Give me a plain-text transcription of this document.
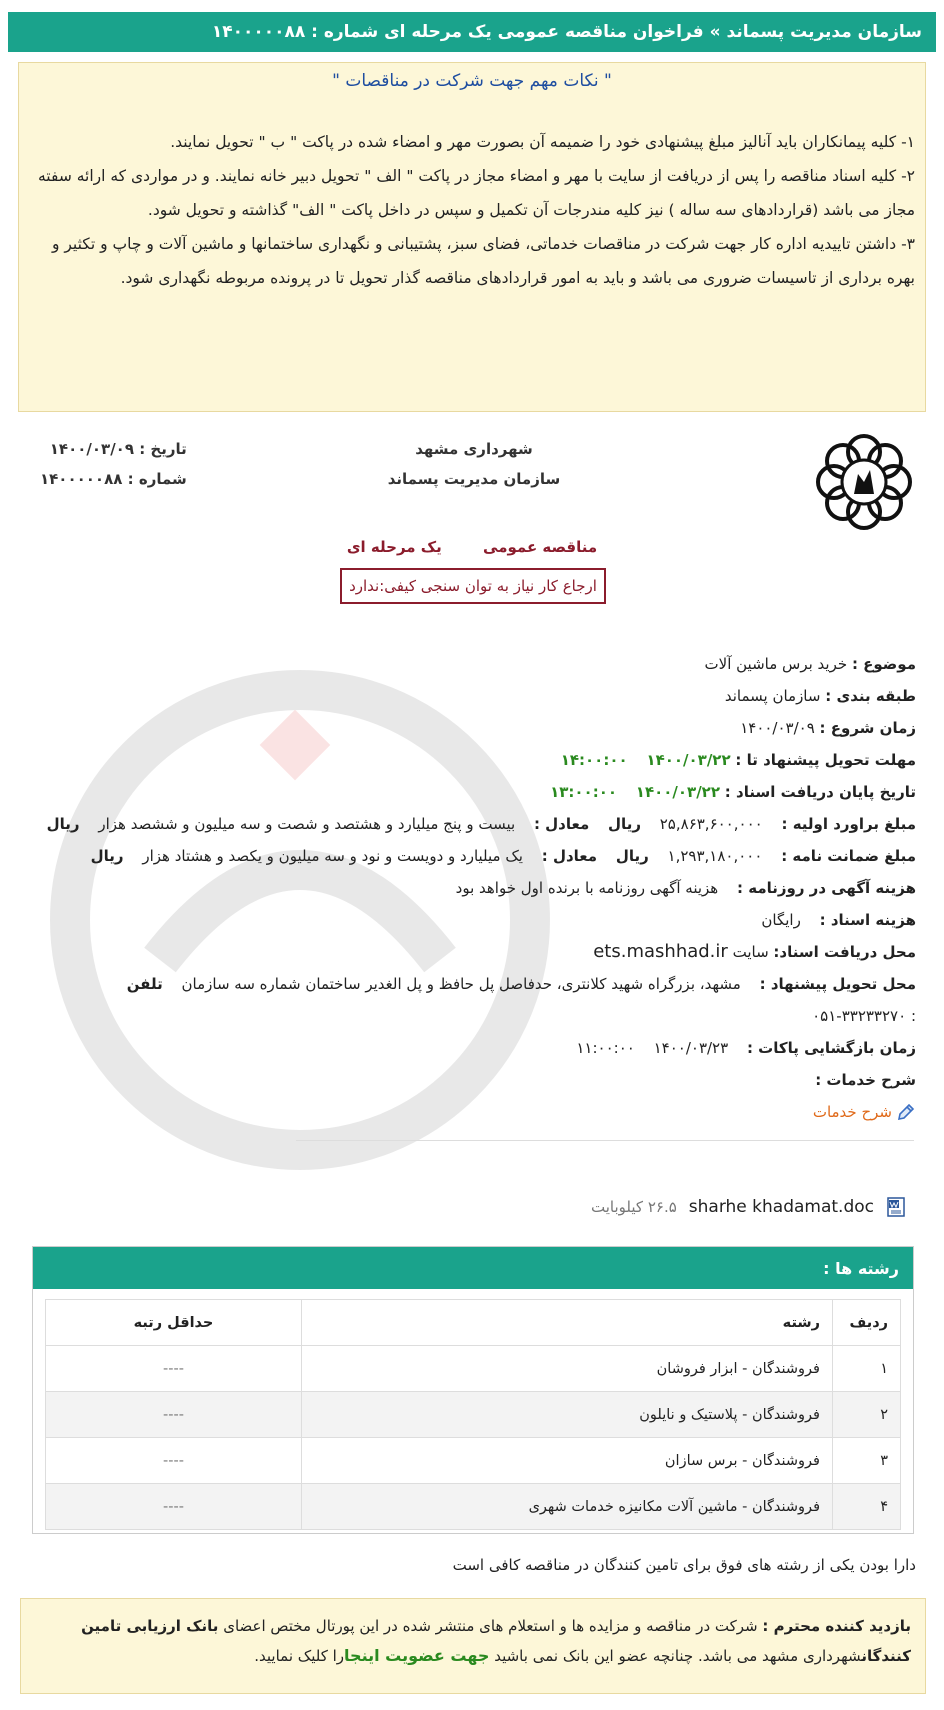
سازمان مدیریت پسماند » فراخوان مناقصه عمومی یک مرحله ای شماره : ۱۴۰۰۰۰۰۸۸
" نکات مهم جهت شرکت در مناقصات "

۱- کلیه پیمانکاران باید آنالیز مبلغ پیشنهادی خود را ضمیمه آن بصورت مهر و امضاء شده در پاکت " ب " تحویل نمایند.

۲- کلیه اسناد مناقصه را پس از دریافت از سایت با مهر و امضاء مجاز در پاکت " الف " تحویل دبیر خانه نمایند. و در مواردی که ارائه سفته مجاز می باشد (قراردادهای سه ساله ) نیز کلیه مندرجات آن تکمیل و سپس در داخل پاکت " الف" گذاشته و تحویل شود.

۳- داشتن تاییدیه اداره کار جهت شرکت در مناقصات خدماتی، فضای سبز، پشتیبانی و نگهداری ساختمانها و ماشین آلات و چاپ و تکثیر و بهره برداری از تاسیسات ضروری می باشد و باید به امور قراردادهای مناقصه گذار تحویل تا در پرونده مربوطه نگهداری شود.

شهرداری مشهد
سازمان مدیریت پسماند
تاریخ : ۱۴۰۰/۰۳/۰۹
شماره : ۱۴۰۰۰۰۰۸۸
مناقصه عمومی یک مرحله ای
ارجاع کار نیاز به توان سنجی کیفی:ندارد
موضوع : خرید برس ماشین آلات
طبقه بندی : سازمان پسماند
زمان شروع : ۱۴۰۰/۰۳/۰۹
مهلت تحویل پیشنهاد تا : ۱۴۰۰/۰۳/۲۲ ۱۴:۰۰:۰۰
تاریخ پایان دریافت اسناد : ۱۴۰۰/۰۳/۲۲ ۱۳:۰۰:۰۰
مبلغ براورد اولیه : ۲۵,۸۶۳,۶۰۰,۰۰۰ ریال معادل : بیست و پنج میلیارد و هشتصد و شصت و سه میلیون و ششصد هزار ریال
مبلغ ضمانت نامه : ۱,۲۹۳,۱۸۰,۰۰۰ ریال معادل : یک میلیارد و دویست و نود و سه میلیون و یکصد و هشتاد هزار ریال
هزینه آگهی در روزنامه : هزینه آگهی روزنامه با برنده اول خواهد بود
هزینه اسناد : رایگان
محل دریافت اسناد: سایت ets.mashhad.ir
محل تحویل پیشنهاد : مشهد، بزرگراه شهید کلانتری، حدفاصل پل حافظ و پل الغدیر ساختمان شماره سه سازمان تلفن
: ۰۵۱-۳۳۲۳۳۲۷۰
زمان بازگشایی پاکات : ۱۴۰۰/۰۳/۲۳ ۱۱:۰۰:۰۰
شرح خدمات :
شرح خدمات
sharhe khadamat.doc
۲۶.۵ کیلوبایت
رشته ها :
ردیف	رشته	حداقل رتبه
۱	فروشندگان - ابزار فروشان	----
۲	فروشندگان - پلاستیک و نایلون	----
۳	فروشندگان - برس سازان	----
۴	فروشندگان - ماشین آلات مکانیزه خدمات شهری	----
دارا بودن یکی از رشته های فوق برای تامین کنندگان در مناقصه کافی است
بازدید کننده محترم : شرکت در مناقصه و مزایده ها و استعلام های منتشر شده در این پورتال مختص اعضای بانک ارزیابی تامین کنندگانشهرداری مشهد می باشد. چنانچه عضو این بانک نمی باشید جهت عضویت اینجارا کلیک نمایید.
